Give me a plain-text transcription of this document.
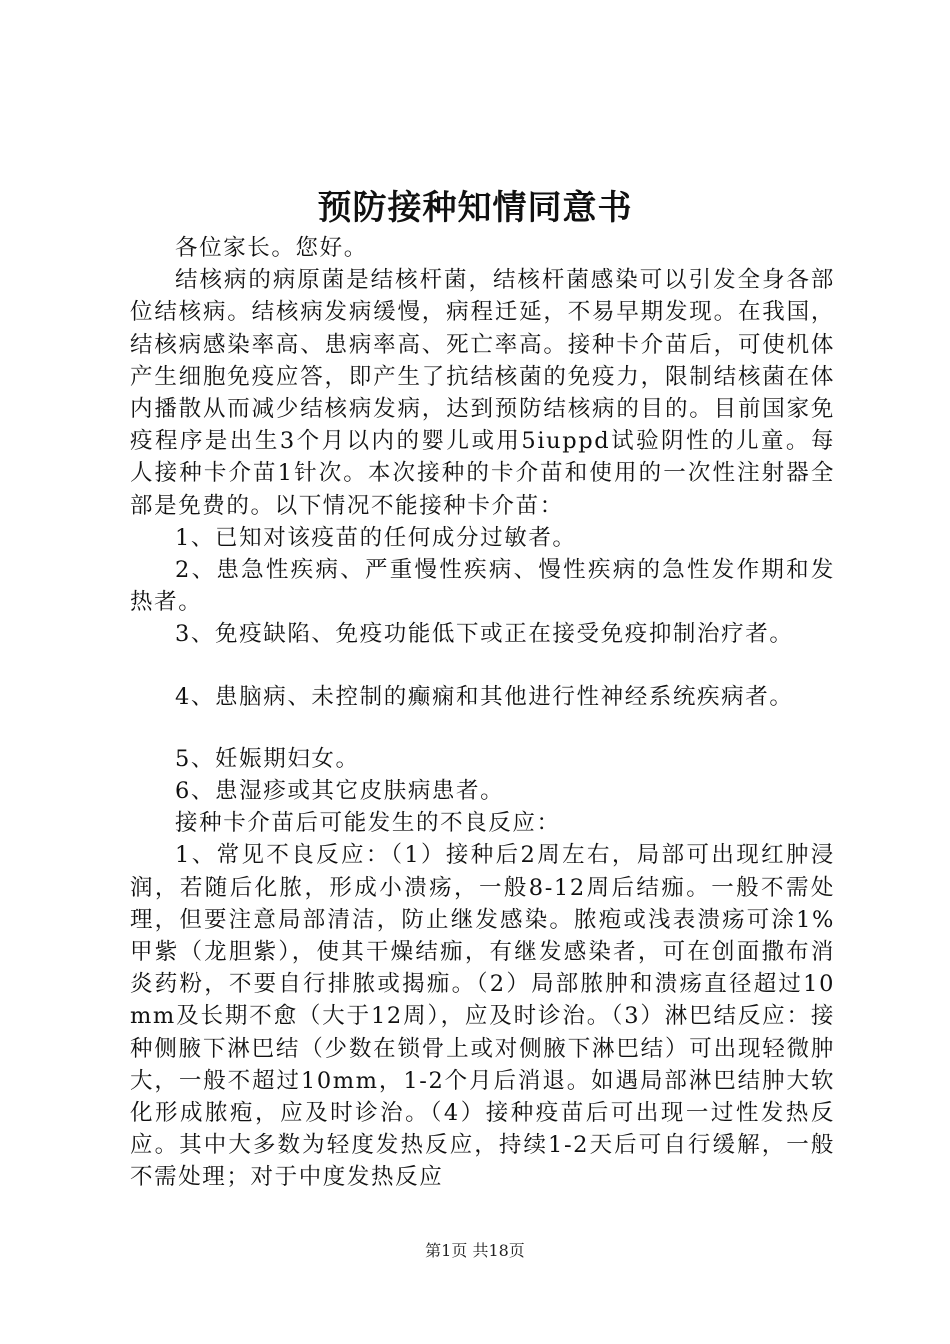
预防接种知情同意书

各位家长。您好。

结核病的病原菌是结核杆菌，结核杆菌感染可以引发全身各部位结核病。结核病发病缓慢，病程迁延，不易早期发现。在我国，结核病感染率高、患病率高、死亡率高。接种卡介苗后，可使机体产生细胞免疫应答，即产生了抗结核菌的免疫力，限制结核菌在体内播散从而减少结核病发病，达到预防结核病的目的。目前国家免疫程序是出生3个月以内的婴儿或用5iuppd试验阴性的儿童。每人接种卡介苗1针次。本次接种的卡介苗和使用的一次性注射器全部是免费的。以下情况不能接种卡介苗：

1、已知对该疫苗的任何成分过敏者。

2、患急性疾病、严重慢性疾病、慢性疾病的急性发作期和发热者。

3、免疫缺陷、免疫功能低下或正在接受免疫抑制治疗者。

4、患脑病、未控制的癫痫和其他进行性神经系统疾病者。

5、妊娠期妇女。

6、患湿疹或其它皮肤病患者。

接种卡介苗后可能发生的不良反应：

1、常见不良反应：（1）接种后2周左右，局部可出现红肿浸润，若随后化脓，形成小溃疡，一般8-12周后结痂。一般不需处理，但要注意局部清洁，防止继发感染。脓疱或浅表溃疡可涂1%甲紫（龙胆紫），使其干燥结痂，有继发感染者，可在创面撒布消炎药粉，不要自行排脓或揭痂。（2）局部脓肿和溃疡直径超过10mm及长期不愈（大于12周），应及时诊治。（3）淋巴结反应：接种侧腋下淋巴结（少数在锁骨上或对侧腋下淋巴结）可出现轻微肿大，一般不超过10mm，1-2个月后消退。如遇局部淋巴结肿大软化形成脓疱，应及时诊治。（4）接种疫苗后可出现一过性发热反应。其中大多数为轻度发热反应，持续1-2天后可自行缓解，一般不需处理；对于中度发热反应

第1页 共18页
